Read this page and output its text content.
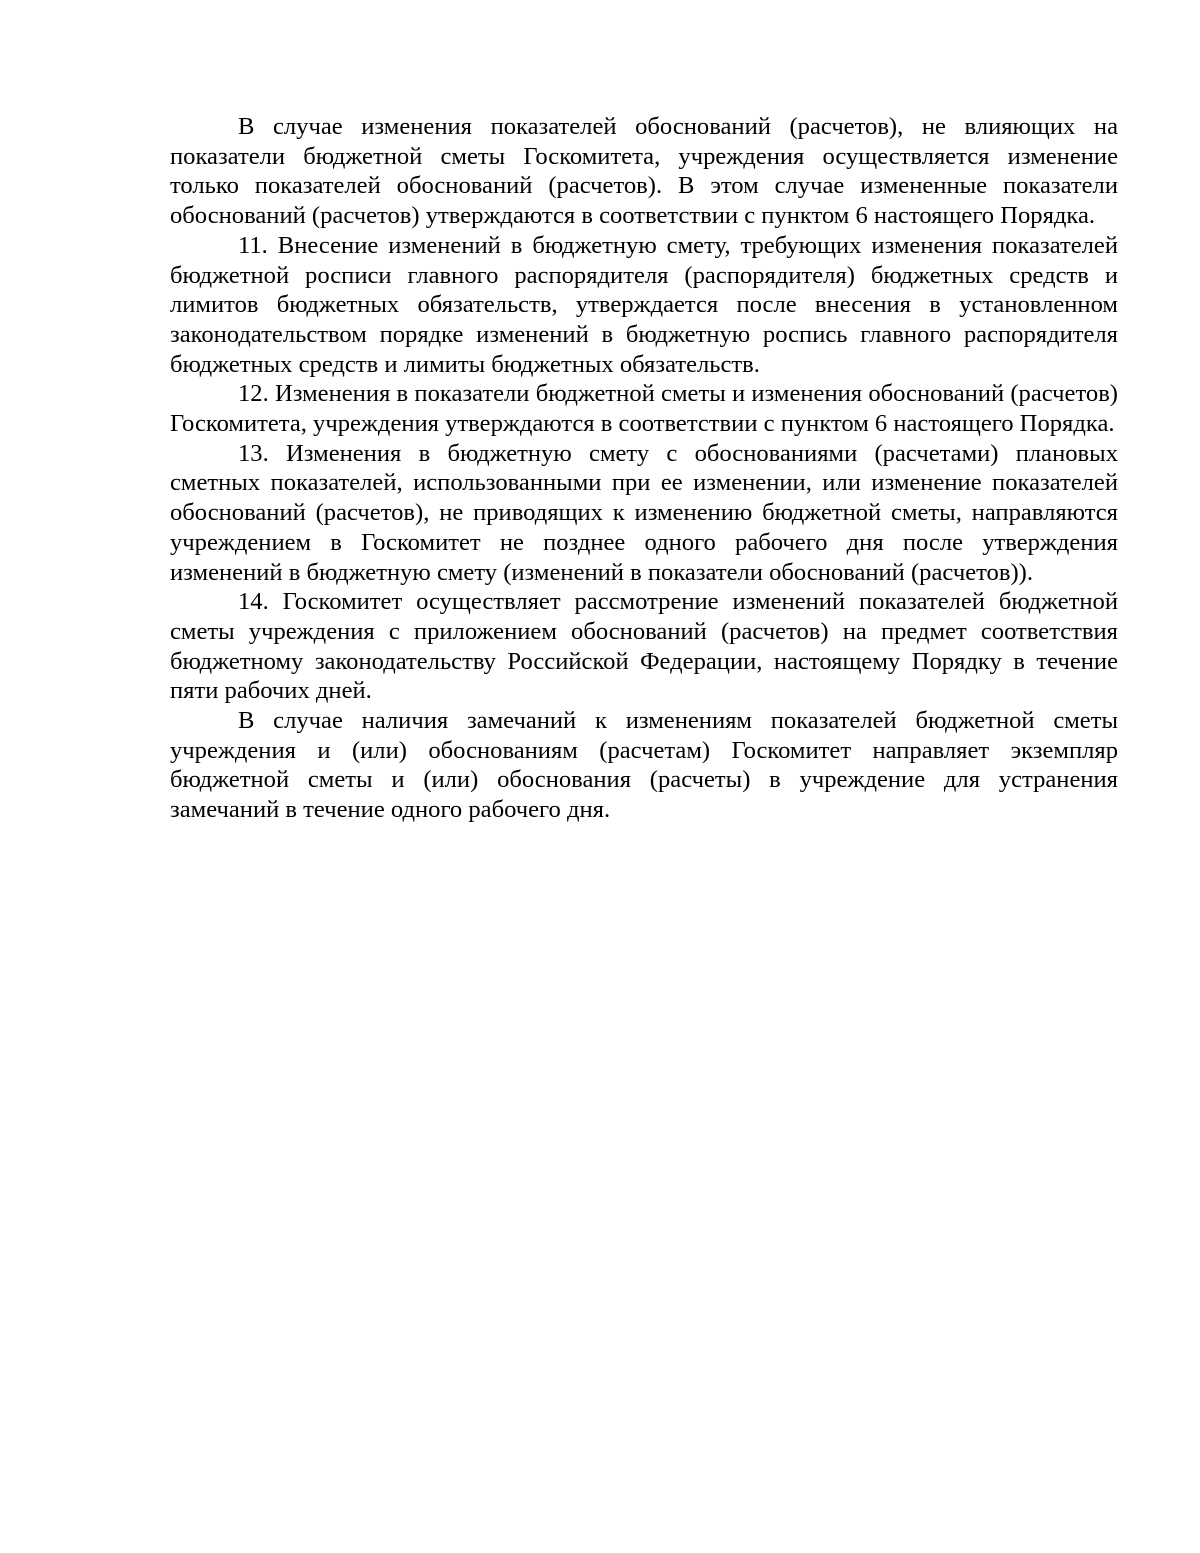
В случае изменения показателей обоснований (расчетов), не влияющих на показатели бюджетной сметы Госкомитета, учреждения осуществляется изменение только показателей обоснований (расчетов). В этом случае измененные показатели обоснований (расчетов) утверждаются в соответствии с пунктом 6 настоящего Порядка.

11. Внесение изменений в бюджетную смету, требующих изменения показателей бюджетной росписи главного распорядителя (распорядителя) бюджетных средств и лимитов бюджетных обязательств, утверждается после внесения в установленном законодательством порядке изменений в бюджетную роспись главного распорядителя бюджетных средств и лимиты бюджетных обязательств.

12. Изменения в показатели бюджетной сметы и изменения обоснований (расчетов) Госкомитета, учреждения утверждаются в соответствии с пунктом 6 настоящего Порядка.

13. Изменения в бюджетную смету с обоснованиями (расчетами) плановых сметных показателей, использованными при ее изменении, или изменение показателей обоснований (расчетов), не приводящих к изменению бюджетной сметы, направляются учреждением в Госкомитет не позднее одного рабочего дня после утверждения изменений в бюджетную смету (изменений в показатели обоснований (расчетов)).

14. Госкомитет осуществляет рассмотрение изменений показателей бюджетной сметы учреждения с приложением обоснований (расчетов) на предмет соответствия бюджетному законодательству Российской Федерации, настоящему Порядку в течение пяти рабочих дней.

В случае наличия замечаний к изменениям показателей бюджетной сметы учреждения и (или) обоснованиям (расчетам) Госкомитет направляет экземпляр бюджетной сметы и (или) обоснования (расчеты) в учреждение для устранения замечаний в течение одного рабочего дня.
